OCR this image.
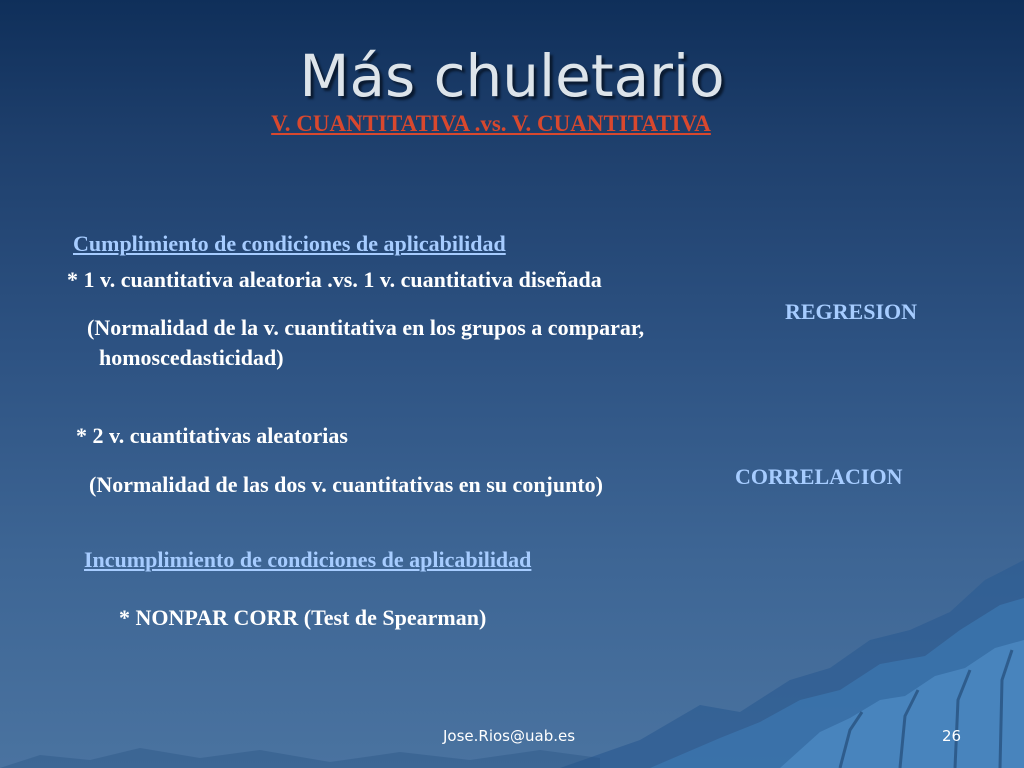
Más chuletario
V. CUANTITATIVA .vs. V. CUANTITATIVA
Cumplimiento de condiciones de aplicabilidad
* 1 v. cuantitativa aleatoria .vs. 1 v. cuantitativa diseñada
REGRESION
(Normalidad de la v. cuantitativa en los grupos a comparar,
homoscedasticidad)
* 2 v. cuantitativas aleatorias
CORRELACION
(Normalidad de las dos v. cuantitativas en su conjunto)
Incumplimiento de condiciones de aplicabilidad
* NONPAR CORR (Test de Spearman)
Jose.Rios@uab.es	26
